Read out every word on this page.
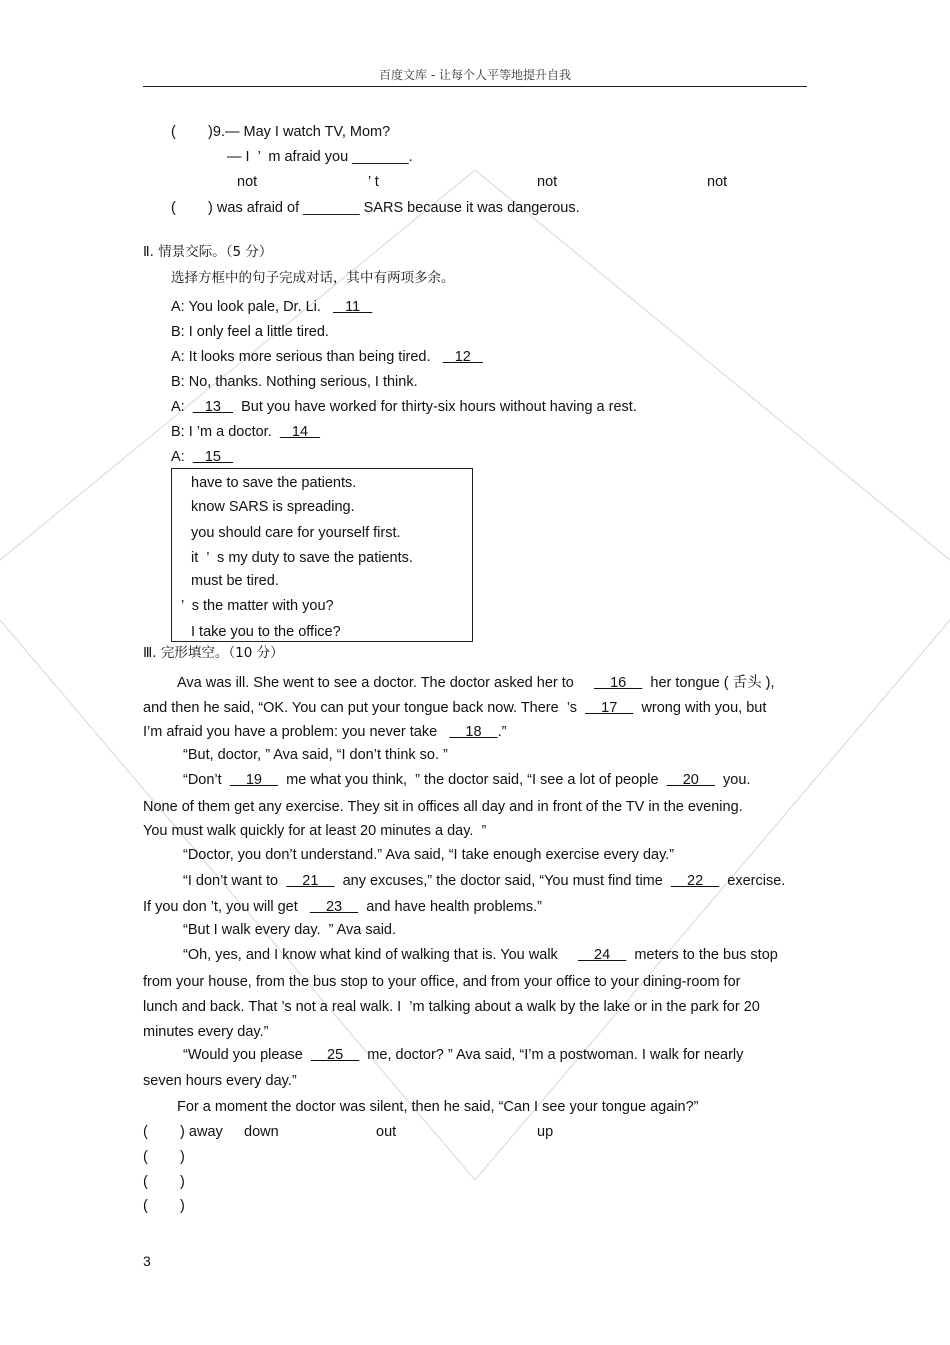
百度文库 - 让每个人平等地提升自我
(        )9.— May I watch TV, Mom?
— I  ’  m afraid you _______.
not	’ t	not	not
(        ) was afraid of _______ SARS because it was dangerous.
Ⅱ. 情景交际。（5 分）
选择方框中的句子完成对话，其中有两项多余。
A: You look pale, Dr. Li.      11
B: I only feel a little tired.
A: It looks more serious than being tired.      12
B: No, thanks. Nothing serious, I think.
A:     13     But you have worked for thirty-six hours without having a rest.
B: I ’m a doctor.     14
A:     15
have to save the patients.
know SARS is spreading.
you should care for yourself first.
it  ’  s my duty to save the patients.
must be tired.
’  s the matter with you?
I take you to the office?
Ⅲ. 完形填空。（10 分）
Ava was ill. She went to see a doctor. The doctor asked her to         16      her tongue ( 舌头 ),
and then he said, “OK. You can put your tongue back now. There  ’s      17      wrong with you, but
I’m afraid you have a problem: you never take       18    .”
“But, doctor, ” Ava said, “I don’t think so. ”
“Don’t      19      me what you think,  ” the doctor said, “I see a lot of people      20      you.
None of them get any exercise. They sit in offices all day and in front of the TV in the evening.
You must walk quickly for at least 20 minutes a day.  ”
“Doctor, you don’t understand.” Ava said, “I take enough exercise every day.”
“I don’t want to      21      any excuses,” the doctor said, “You must find time      22      exercise.
If you don ’t, you will get       23      and have health problems.”
“But I walk every day.  ” Ava said.
“Oh, yes, and I know what kind of walking that is. You walk         24      meters to the bus stop
from your house, from the bus stop to your office, and from your office to your dining-room for
lunch and back. That ’s not a real walk. I  ’m talking about a walk by the lake or in the park for 20
minutes every day.”
“Would you please      25      me, doctor? ” Ava said, “I’m a postwoman. I walk for nearly
seven hours every day.”
For a moment the doctor was silent, then he said, “Can I see your tongue again?”
(        ) away down	out	up
(        )
(        )
(        )
3
